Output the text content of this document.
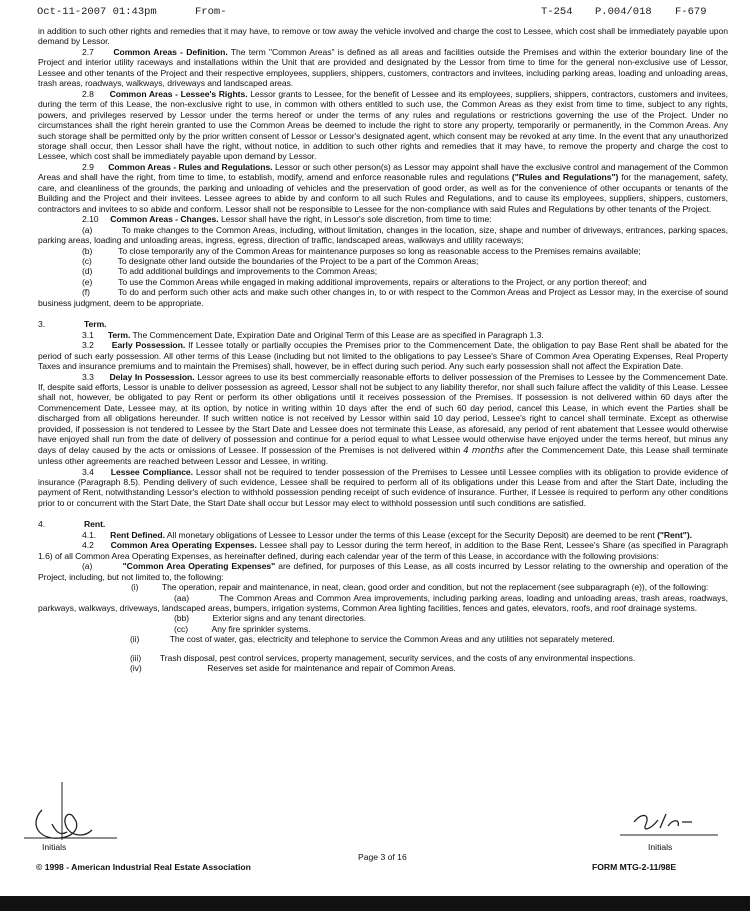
Oct-11-2007 01:43pm	From-	T-254 P.004/018 F-679

in addition to such other rights and remedies that it may have, to remove or tow away the vehicle involved and charge the cost to Lessee, which cost shall be immediately payable upon demand by Lessor.

2.7 Common Areas - Definition. The term "Common Areas" is defined as all areas and facilities outside the Premises and within the exterior boundary line of the Project and interior utility raceways and installations within the Unit that are provided and designated by the Lessor from time to time for the general non-exclusive use of Lessor, Lessee and other tenants of the Project and their respective employees, suppliers, shippers, customers, contractors and invitees, including parking areas, loading and unloading areas, trash areas, roadways, walkways, driveways and landscaped areas.

2.8 Common Areas - Lessee's Rights. Lessor grants to Lessee, for the benefit of Lessee and its employees, suppliers, shippers, contractors, customers and invitees, during the term of this Lease, the non-exclusive right to use, in common with others entitled to such use, the Common Areas as they exist from time to time, subject to any rights, powers, and privileges reserved by Lessor under the terms hereof or under the terms of any rules and regulations or restrictions governing the use of the Project. Under no circumstances shall the right herein granted to use the Common Areas be deemed to include the right to store any property, temporarily or permanently, in the Common Areas. Any such storage shall be permitted only by the prior written consent of Lessor or Lessor's designated agent, which consent may be revoked at any time. In the event that any unauthorized storage shall occur, then Lessor shall have the right, without notice, in addition to such other rights and remedies that it may have, to remove the property and charge the cost to Lessee, which cost shall be immediately payable upon demand by Lessor.

2.9 Common Areas - Rules and Regulations. Lessor or such other person(s) as Lessor may appoint shall have the exclusive control and management of the Common Areas and shall have the right, from time to time, to establish, modify, amend and enforce reasonable rules and regulations ("Rules and Regulations") for the management, safety, care, and cleanliness of the grounds, the parking and unloading of vehicles and the preservation of good order, as well as for the convenience of other occupants or tenants of the Building and the Project and their invitees. Lessee agrees to abide by and conform to all such Rules and Regulations, and to cause its employees, suppliers, shippers, customers, contractors and invitees to so abide and conform. Lessor shall not be responsible to Lessee for the non-compliance with said Rules and Regulations by other tenants of the Project.

2.10 Common Areas - Changes. Lessor shall have the right, in Lessor's sole discretion, from time to time:

(a)	To make changes to the Common Areas, including, without limitation, changes in the location, size, shape and number of driveways, entrances, parking spaces, parking areas, loading and unloading areas, ingress, egress, direction of traffic, landscaped areas, walkways and utility raceways;

(b)	To close temporarily any of the Common Areas for maintenance purposes so long as reasonable access to the Premises remains available;

(c)	To designate other land outside the boundaries of the Project to be a part of the Common Areas;

(d)	To add additional buildings and improvements to the Common Areas;

(e)	To use the Common Areas while engaged in making additional improvements, repairs or alterations to the Project, or any portion thereof; and

(f)	To do and perform such other acts and make such other changes in, to or with respect to the Common Areas and Project as Lessor may, in the exercise of sound business judgment, deem to be appropriate.

3.	Term.

3.1 Term. The Commencement Date, Expiration Date and Original Term of this Lease are as specified in Paragraph 1.3.

3.2 Early Possession. If Lessee totally or partially occupies the Premises prior to the Commencement Date, the obligation to pay Base Rent shall be abated for the period of such early possession. All other terms of this Lease (including but not limited to the obligations to pay Lessee's Share of Common Area Operating Expenses, Real Property Taxes and insurance premiums and to maintain the Premises) shall, however, be in effect during such period. Any such early possession shall not affect the Expiration Date.

3.3 Delay In Possession. Lessor agrees to use its best commercially reasonable efforts to deliver possession of the Premises to Lessee by the Commencement Date. If, despite said efforts, Lessor is unable to deliver possession as agreed, Lessor shall not be subject to any liability therefor, nor shall such failure affect the validity of this Lease. Lessee shall not, however, be obligated to pay Rent or perform its other obligations until it receives possession of the Premises. If possession is not delivered within 60 days after the Commencement Date, Lessee may, at its option, by notice in writing within 10 days after the end of such 60 day period, cancel this Lease, in which event the Parties shall be discharged from all obligations hereunder. If such written notice is not received by Lessor within said 10 day period, Lessee's right to cancel shall terminate. Except as otherwise provided, if possession is not tendered to Lessee by the Start Date and Lessee does not terminate this Lease, as aforesaid, any period of rent abatement that Lessee would otherwise have enjoyed shall run from the date of delivery of possession and continue for a period equal to what Lessee would otherwise have enjoyed under the terms hereof, but minus any days of delay caused by the acts or omissions of Lessee. If possession of the Premises is not delivered within 4 months after the Commencement Date, this Lease shall terminate unless other agreements are reached between Lessor and Lessee, in writing.

3.4 Lessee Compliance. Lessor shall not be required to tender possession of the Premises to Lessee until Lessee complies with its obligation to provide evidence of insurance (Paragraph 8.5). Pending delivery of such evidence, Lessee shall be required to perform all of its obligations under this Lease from and after the Start Date, including the payment of Rent, notwithstanding Lessor's election to withhold possession pending receipt of such evidence of insurance. Further, if Lessee is required to perform any other conditions prior to or concurrent with the Start Date, the Start Date shall occur but Lessor may elect to withhold possession until such conditions are satisfied.

4.	Rent.

4.1. Rent Defined. All monetary obligations of Lessee to Lessor under the terms of this Lease (except for the Security Deposit) are deemed to be rent ("Rent").

4.2 Common Area Operating Expenses. Lessee shall pay to Lessor during the term hereof, in addition to the Base Rent, Lessee's Share (as specified in Paragraph 1.6) of all Common Area Operating Expenses, as hereinafter defined, during each calendar year of the term of this Lease, in accordance with the following provisions:

(a)	"Common Area Operating Expenses" are defined, for purposes of this Lease, as all costs incurred by Lessor relating to the ownership and operation of the Project, including, but not limited to, the following:

(i)	The operation, repair and maintenance, in neat, clean, good order and condition, but not the replacement (see subparagraph (e)), of the following:

(aa)	The Common Areas and Common Area improvements, including parking areas, loading and unloading areas, trash areas, roadways, parkways, walkways, driveways, landscaped areas, bumpers, irrigation systems, Common Area lighting facilities, fences and gates, elevators, roofs, and roof drainage systems.

(bb)	Exterior signs and any tenant directories.

(cc)	Any fire sprinkler systems.

(ii)	The cost of water, gas, electricity and telephone to service the Common Areas and any utilities not separately metered.

(iii) Trash disposal, pest control services, property management, security services, and the costs of any environmental inspections.

(iv)	Reserves set aside for maintenance and repair of Common Areas.

Initials	Initials
Page 3 of 16
© 1998 - American Industrial Real Estate Association	FORM MTG-2-11/98E
